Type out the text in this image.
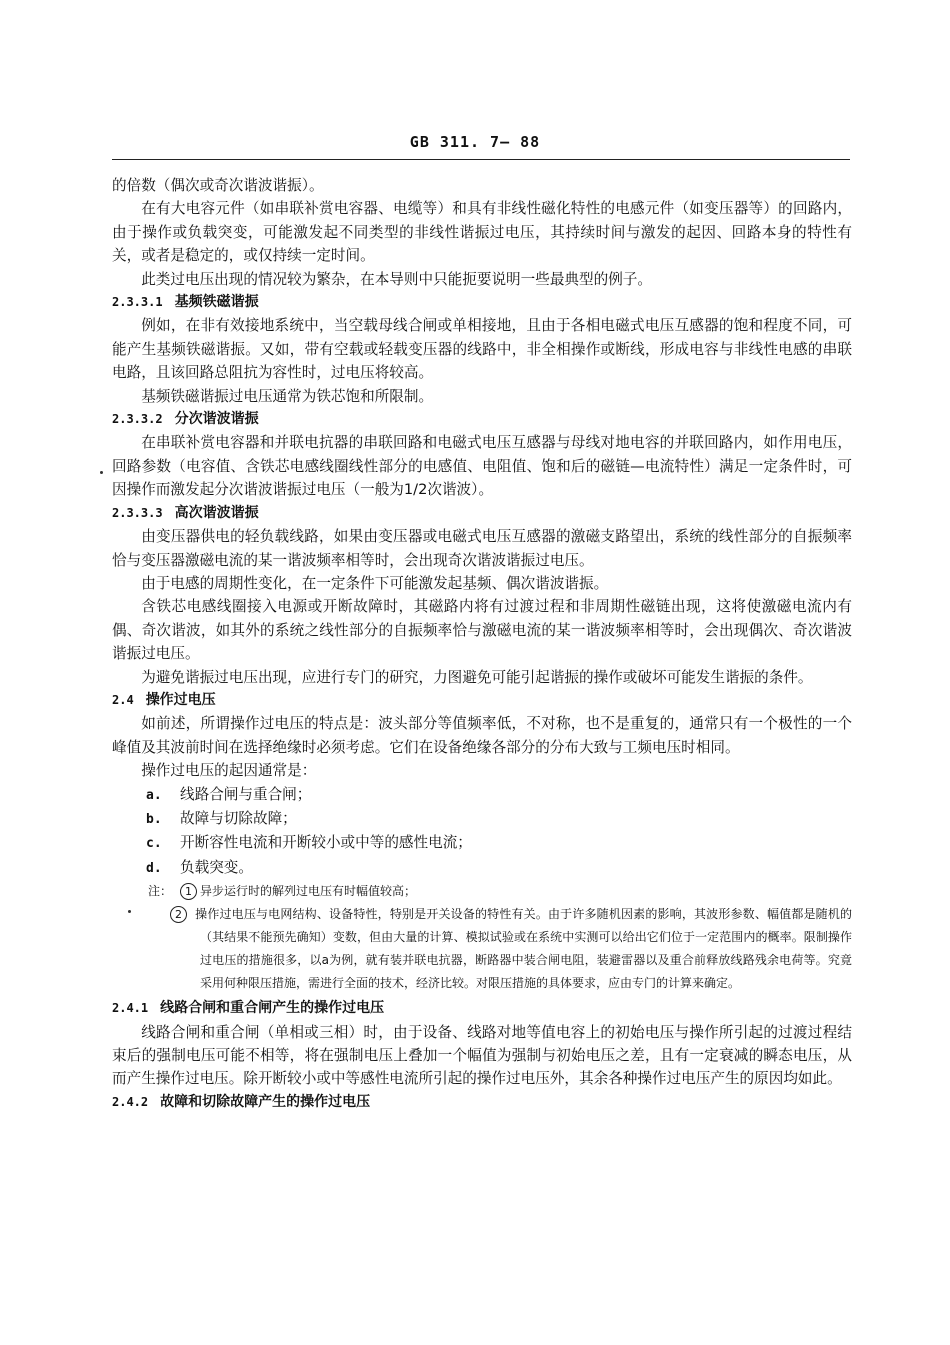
GB 311. 7— 88

的倍数（偶次或奇次谐波谐振）。

在有大电容元件（如串联补赏电容器、电缆等）和具有非线性磁化特性的电感元件（如变压器等）的回路内，由于操作或负载突变，可能激发起不同类型的非线性谐振过电压，其持续时间与激发的起因、回路本身的特性有关，或者是稳定的，或仅持续一定时间。

此类过电压出现的情况较为繁杂，在本导则中只能扼要说明一些最典型的例子。

2.3.3.1 基频铁磁谐振

例如，在非有效接地系统中，当空载母线合闸或单相接地，且由于各相电磁式电压互感器的饱和程度不同，可能产生基频铁磁谐振。又如，带有空载或轻载变压器的线路中，非全相操作或断线，形成电容与非线性电感的串联电路，且该回路总阻抗为容性时，过电压将较高。

基频铁磁谐振过电压通常为铁芯饱和所限制。

2.3.3.2 分次谐波谐振

在串联补赏电容器和并联电抗器的串联回路和电磁式电压互感器与母线对地电容的并联回路内，如作用电压，回路参数（电容值、含铁芯电感线圈线性部分的电感值、电阻值、饱和后的磁链—电流特性）满足一定条件时，可因操作而激发起分次谐波谐振过电压（一般为1/2次谐波）。

2.3.3.3 高次谐波谐振

由变压器供电的轻负载线路，如果由变压器或电磁式电压互感器的激磁支路望出，系统的线性部分的自振频率恰与变压器激磁电流的某一谐波频率相等时，会出现奇次谐波谐振过电压。

由于电感的周期性变化，在一定条件下可能激发起基频、偶次谐波谐振。

含铁芯电感线圈接入电源或开断故障时，其磁路内将有过渡过程和非周期性磁链出现，这将使激磁电流内有偶、奇次谐波，如其外的系统之线性部分的自振频率恰与激磁电流的某一谐波频率相等时，会出现偶次、奇次谐波谐振过电压。

为避免谐振过电压出现，应进行专门的研究，力图避免可能引起谐振的操作或破坏可能发生谐振的条件。

2.4 操作过电压

如前述，所谓操作过电压的特点是：波头部分等值频率低，不对称，也不是重复的，通常只有一个极性的一个峰值及其波前时间在选择绝缘时必须考虑。它们在设备绝缘各部分的分布大致与工频电压时相同。

操作过电压的起因通常是：

a. 线路合闸与重合闸；

b. 故障与切除故障；

c. 开断容性电流和开断较小或中等的感性电流；

d. 负载突变。

注： 1 异步运行时的解列过电压有时幅值较高；

2 操作过电压与电网结构、设备特性，特别是开关设备的特性有关。由于许多随机因素的影响，其波形参数、幅值都是随机的（其结果不能预先确知）变数，但由大量的计算、模拟试验或在系统中实测可以给出它们位于一定范围内的概率。限制操作过电压的措施很多，以a为例，就有装并联电抗器，断路器中装合闸电阻，装避雷器以及重合前释放线路残余电荷等。究竟采用何种限压措施，需进行全面的技术，经济比较。对限压措施的具体要求，应由专门的计算来确定。

2.4.1 线路合闸和重合闸产生的操作过电压

线路合闸和重合闸（单相或三相）时，由于设备、线路对地等值电容上的初始电压与操作所引起的过渡过程结束后的强制电压可能不相等，将在强制电压上叠加一个幅值为强制与初始电压之差，且有一定衰减的瞬态电压，从而产生操作过电压。除开断较小或中等感性电流所引起的操作过电压外，其余各种操作过电压产生的原因均如此。

2.4.2 故障和切除故障产生的操作过电压
